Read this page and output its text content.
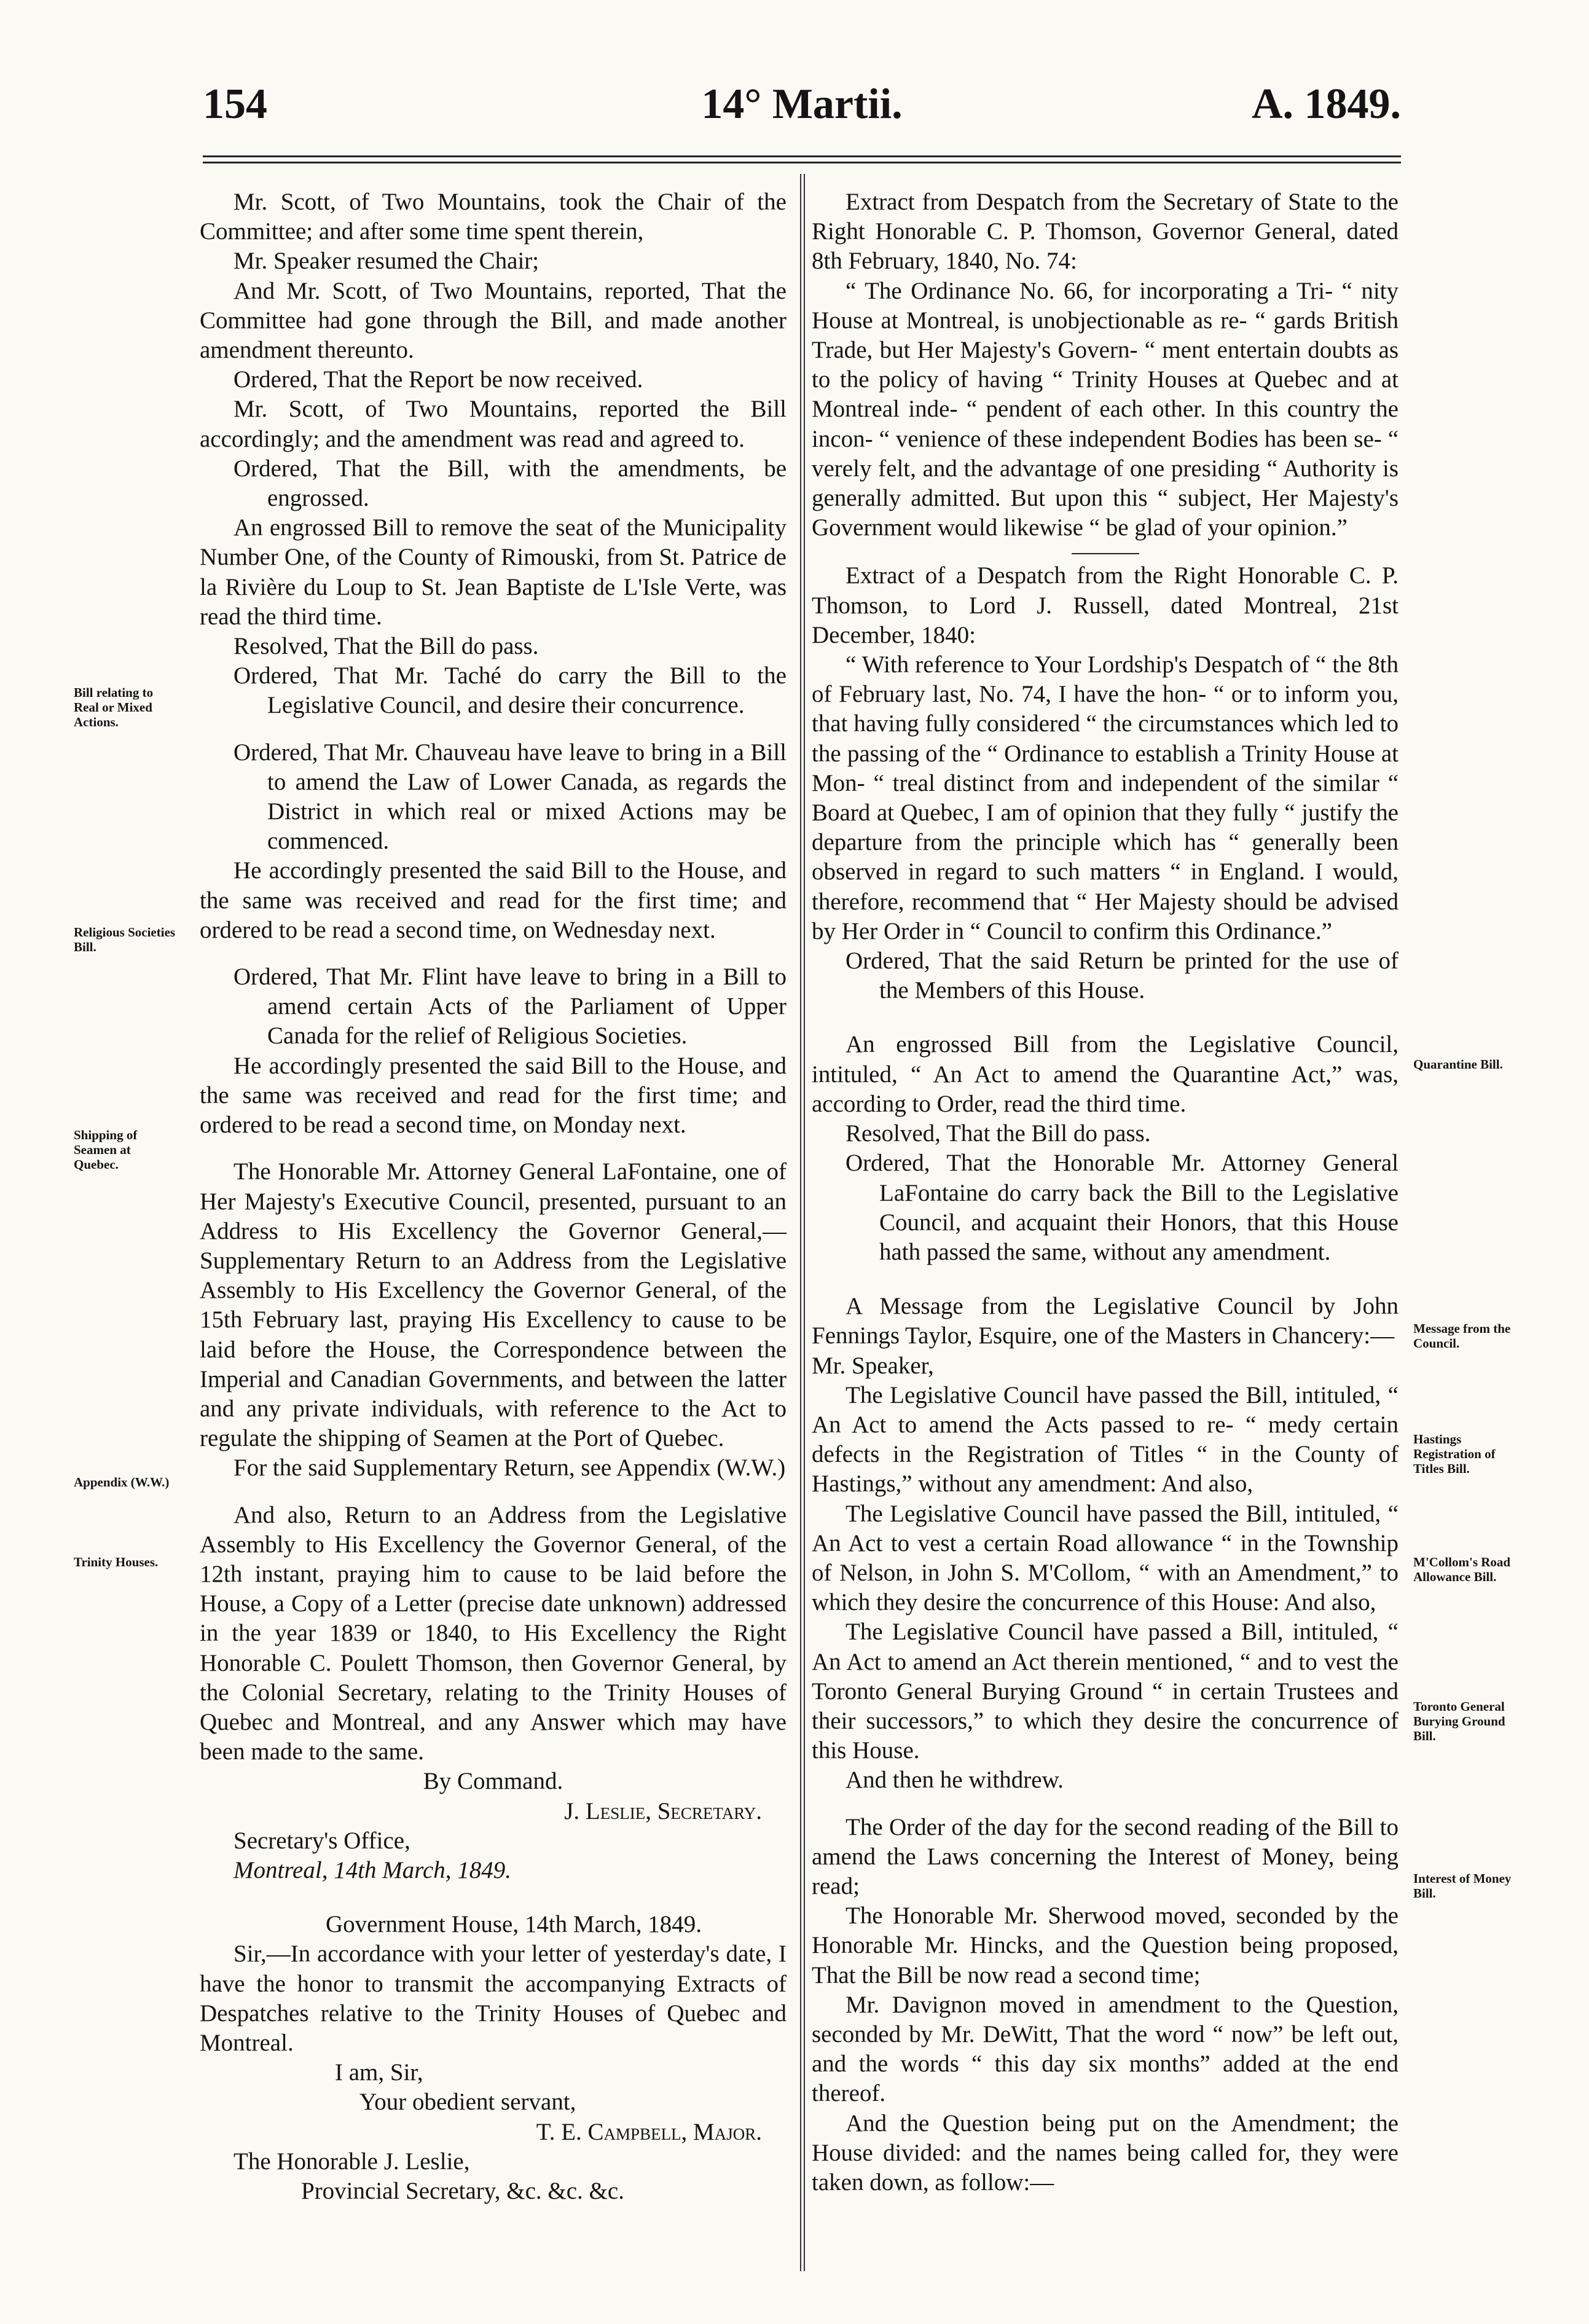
154	14° Martii.	A. 1849.
Bill relating to Real or Mixed Actions.
Religious Societies Bill.
Shipping of Seamen at Quebec.
Appendix (W.W.)
Trinity Houses.
Quarantine Bill.
Message from the Council.
Hastings Registration of Titles Bill.
M'Collom's Road Allowance Bill.
Toronto General Burying Ground Bill.
Interest of Money Bill.

Mr. Scott, of Two Mountains, took the Chair of the Committee; and after some time spent therein,

Mr. Speaker resumed the Chair;

And Mr. Scott, of Two Mountains, reported, That the Committee had gone through the Bill, and made another amendment thereunto.

Ordered, That the Report be now received.

Mr. Scott, of Two Mountains, reported the Bill accordingly; and the amendment was read and agreed to.

Ordered, That the Bill, with the amendments, be engrossed.

An engrossed Bill to remove the seat of the Municipality Number One, of the County of Rimouski, from St. Patrice de la Rivière du Loup to St. Jean Baptiste de L'Isle Verte, was read the third time.

Resolved, That the Bill do pass.

Ordered, That Mr. Taché do carry the Bill to the Legislative Council, and desire their concurrence.

Ordered, That Mr. Chauveau have leave to bring in a Bill to amend the Law of Lower Canada, as regards the District in which real or mixed Actions may be commenced.

He accordingly presented the said Bill to the House, and the same was received and read for the first time; and ordered to be read a second time, on Wednesday next.

Ordered, That Mr. Flint have leave to bring in a Bill to amend certain Acts of the Parliament of Upper Canada for the relief of Religious Societies.

He accordingly presented the said Bill to the House, and the same was received and read for the first time; and ordered to be read a second time, on Monday next.

The Honorable Mr. Attorney General LaFontaine, one of Her Majesty's Executive Council, presented, pursuant to an Address to His Excellency the Governor General,—Supplementary Return to an Address from the Legislative Assembly to His Excellency the Governor General, of the 15th February last, praying His Excellency to cause to be laid before the House, the Correspondence between the Imperial and Canadian Governments, and between the latter and any private individuals, with reference to the Act to regulate the shipping of Seamen at the Port of Quebec.

For the said Supplementary Return, see Appendix (W.W.)

And also, Return to an Address from the Legislative Assembly to His Excellency the Governor General, of the 12th instant, praying him to cause to be laid before the House, a Copy of a Letter (precise date unknown) addressed in the year 1839 or 1840, to His Excellency the Right Honorable C. Poulett Thomson, then Governor General, by the Colonial Secretary, relating to the Trinity Houses of Quebec and Montreal, and any Answer which may have been made to the same.

By Command.

J. Leslie, Secretary.

Secretary's Office,

Montreal, 14th March, 1849.

Government House, 14th March, 1849.

Sir,—In accordance with your letter of yesterday's date, I have the honor to transmit the accompanying Extracts of Despatches relative to the Trinity Houses of Quebec and Montreal.

I am, Sir,

Your obedient servant,

T. E. Campbell, Major.

The Honorable J. Leslie,

Provincial Secretary, &c. &c. &c.

Extract from Despatch from the Secretary of State to the Right Honorable C. P. Thomson, Governor General, dated 8th February, 1840, No. 74:

“ The Ordinance No. 66, for incorporating a Tri- “ nity House at Montreal, is unobjectionable as re- “ gards British Trade, but Her Majesty's Govern- “ ment entertain doubts as to the policy of having “ Trinity Houses at Quebec and at Montreal inde- “ pendent of each other. In this country the incon- “ venience of these independent Bodies has been se- “ verely felt, and the advantage of one presiding “ Authority is generally admitted. But upon this “ subject, Her Majesty's Government would likewise “ be glad of your opinion.”

Extract of a Despatch from the Right Honorable C. P. Thomson, to Lord J. Russell, dated Montreal, 21st December, 1840:

“ With reference to Your Lordship's Despatch of “ the 8th of February last, No. 74, I have the hon- “ or to inform you, that having fully considered “ the circumstances which led to the passing of the “ Ordinance to establish a Trinity House at Mon- “ treal distinct from and independent of the similar “ Board at Quebec, I am of opinion that they fully “ justify the departure from the principle which has “ generally been observed in regard to such matters “ in England. I would, therefore, recommend that “ Her Majesty should be advised by Her Order in “ Council to confirm this Ordinance.”

Ordered, That the said Return be printed for the use of the Members of this House.

An engrossed Bill from the Legislative Council, intituled, “ An Act to amend the Quarantine Act,” was, according to Order, read the third time.

Resolved, That the Bill do pass.

Ordered, That the Honorable Mr. Attorney General LaFontaine do carry back the Bill to the Legislative Council, and acquaint their Honors, that this House hath passed the same, without any amendment.

A Message from the Legislative Council by John Fennings Taylor, Esquire, one of the Masters in Chancery:—

Mr. Speaker,

The Legislative Council have passed the Bill, intituled, “ An Act to amend the Acts passed to re- “ medy certain defects in the Registration of Titles “ in the County of Hastings,” without any amendment: And also,

The Legislative Council have passed the Bill, intituled, “ An Act to vest a certain Road allowance “ in the Township of Nelson, in John S. M'Collom, “ with an Amendment,” to which they desire the concurrence of this House: And also,

The Legislative Council have passed a Bill, intituled, “ An Act to amend an Act therein mentioned, “ and to vest the Toronto General Burying Ground “ in certain Trustees and their successors,” to which they desire the concurrence of this House.

And then he withdrew.

The Order of the day for the second reading of the Bill to amend the Laws concerning the Interest of Money, being read;

The Honorable Mr. Sherwood moved, seconded by the Honorable Mr. Hincks, and the Question being proposed, That the Bill be now read a second time;

Mr. Davignon moved in amendment to the Question, seconded by Mr. DeWitt, That the word “ now” be left out, and the words “ this day six months” added at the end thereof.

And the Question being put on the Amendment; the House divided: and the names being called for, they were taken down, as follow:—
